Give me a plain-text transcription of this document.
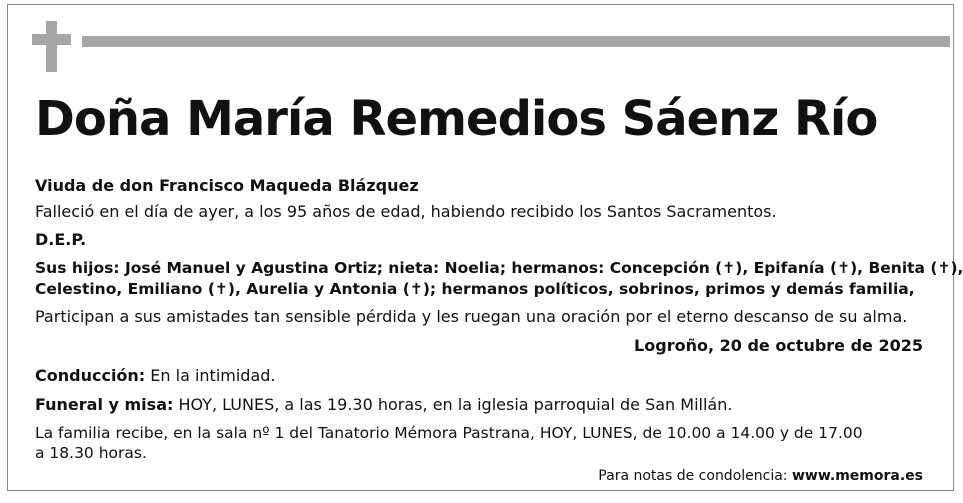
Doña María Remedios Sáenz Río

Viuda de don Francisco Maqueda Blázquez

Falleció en el día de ayer, a los 95 años de edad, habiendo recibido los Santos Sacramentos.

D.E.P.

Sus hijos: José Manuel y Agustina Ortiz; nieta: Noelia; hermanos: Concepción (✝), Epifanía (✝), Benita (✝),

Celestino, Emiliano (✝), Aurelia y Antonia (✝); hermanos políticos, sobrinos, primos y demás familia,

Participan a sus amistades tan sensible pérdida y les ruegan una oración por el eterno descanso de su alma.

Logroño, 20 de octubre de 2025

Conducción: En la intimidad.

Funeral y misa: HOY, LUNES, a las 19.30 horas, en la iglesia parroquial de San Millán.

La familia recibe, en la sala nº 1 del Tanatorio Mémora Pastrana, HOY, LUNES, de 10.00 a 14.00 y de 17.00

a 18.30 horas.

Para notas de condolencia: www.memora.es
